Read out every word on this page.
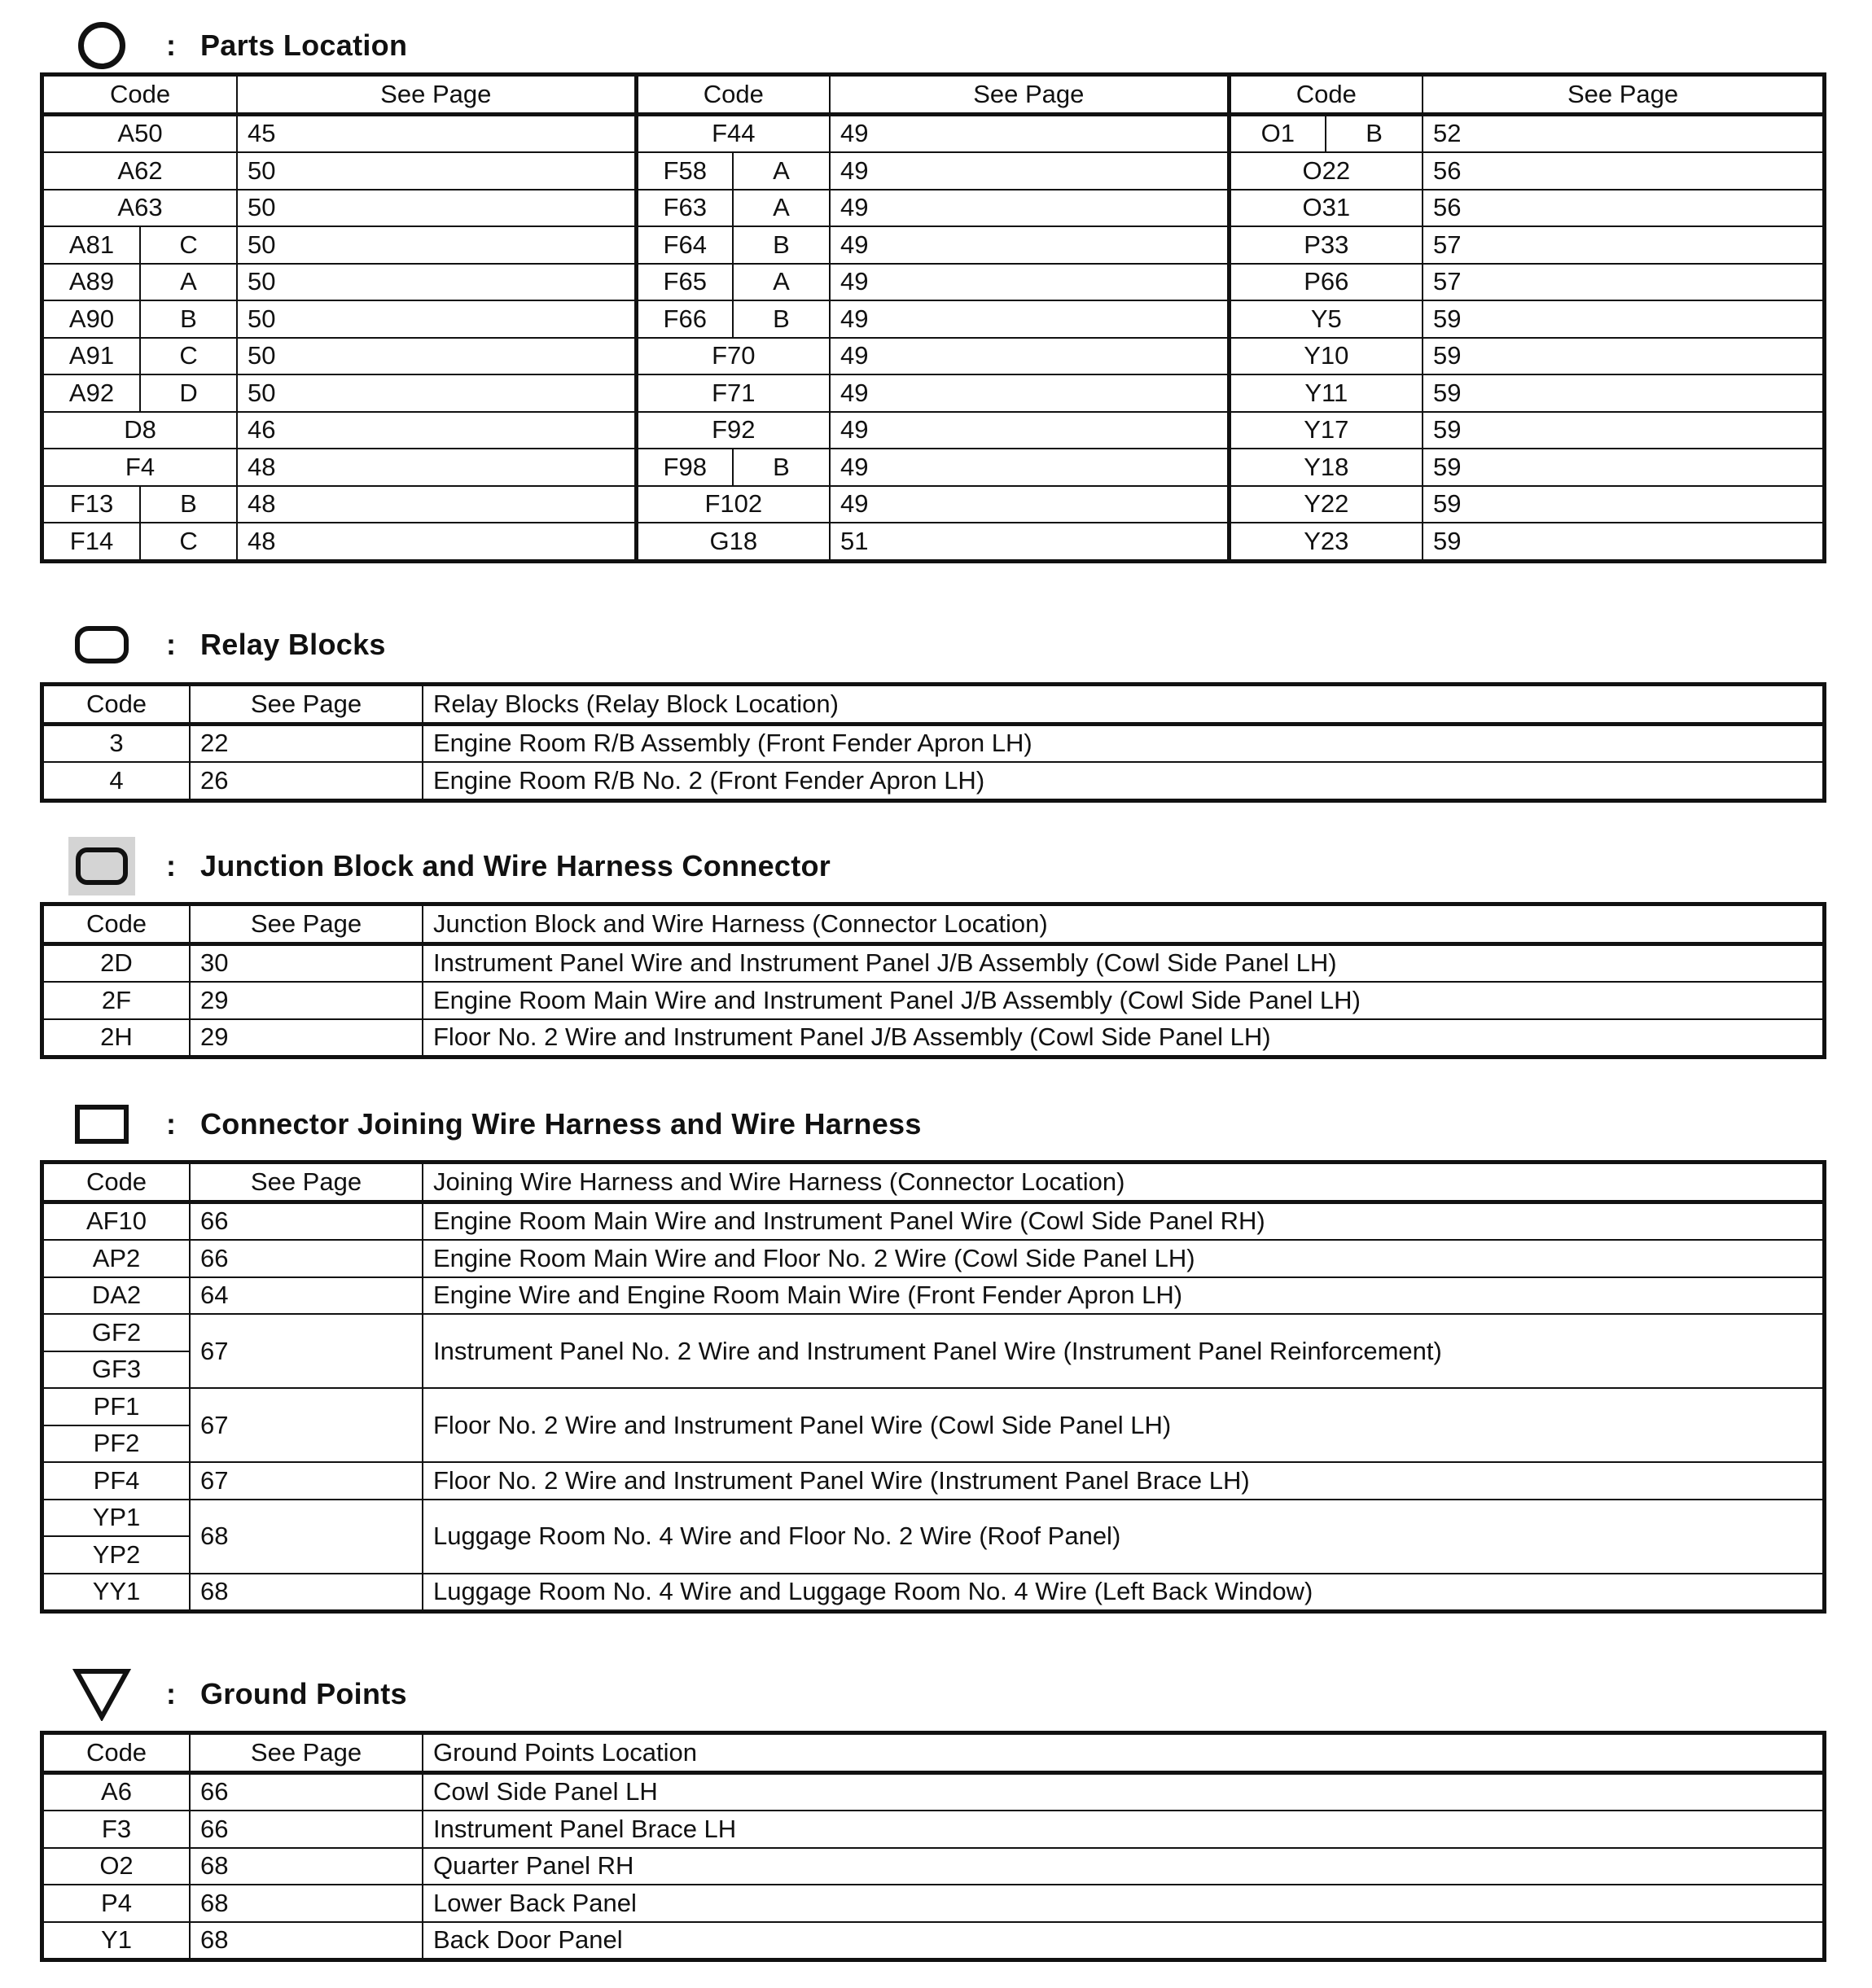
: Parts Location
Code		See Page	Code		See Page	Code		See Page
A50		45	F44		49	O1	B	52
A62		50	F58	A	49	O22		56
A63		50	F63	A	49	O31		56
A81	C	50	F64	B	49	P33		57
A89	A	50	F65	A	49	P66		57
A90	B	50	F66	B	49	Y5		59
A91	C	50	F70		49	Y10		59
A92	D	50	F71		49	Y11		59
D8		46	F92		49	Y17		59
F4		48	F98	B	49	Y18		59
F13	B	48	F102		49	Y22		59
F14	C	48	G18		51	Y23		59
: Relay Blocks
Code	See Page	Relay Blocks (Relay Block Location)
3	22	Engine Room R/B Assembly (Front Fender Apron LH)
4	26	Engine Room R/B No. 2 (Front Fender Apron LH)
: Junction Block and Wire Harness Connector
Code	See Page	Junction Block and Wire Harness (Connector Location)
2D	30	Instrument Panel Wire and Instrument Panel J/B Assembly (Cowl Side Panel LH)
2F	29	Engine Room Main Wire and Instrument Panel J/B Assembly (Cowl Side Panel LH)
2H	29	Floor No. 2 Wire and Instrument Panel J/B Assembly (Cowl Side Panel LH)
: Connector Joining Wire Harness and Wire Harness
Code	See Page	Joining Wire Harness and Wire Harness (Connector Location)
AF10	66	Engine Room Main Wire and Instrument Panel Wire (Cowl Side Panel RH)
AP2	66	Engine Room Main Wire and Floor No. 2 Wire (Cowl Side Panel LH)
DA2	64	Engine Wire and Engine Room Main Wire (Front Fender Apron LH)
GF2	67	Instrument Panel No. 2 Wire and Instrument Panel Wire (Instrument Panel Reinforcement)
GF3		
PF1	67	Floor No. 2 Wire and Instrument Panel Wire (Cowl Side Panel LH)
PF2		
PF4	67	Floor No. 2 Wire and Instrument Panel Wire (Instrument Panel Brace LH)
YP1	68	Luggage Room No. 4 Wire and Floor No. 2 Wire (Roof Panel)
YP2		
YY1	68	Luggage Room No. 4 Wire and Luggage Room No. 4 Wire (Left Back Window)
: Ground Points
Code	See Page	Ground Points Location
A6	66	Cowl Side Panel LH
F3	66	Instrument Panel Brace LH
O2	68	Quarter Panel RH
P4	68	Lower Back Panel
Y1	68	Back Door Panel
